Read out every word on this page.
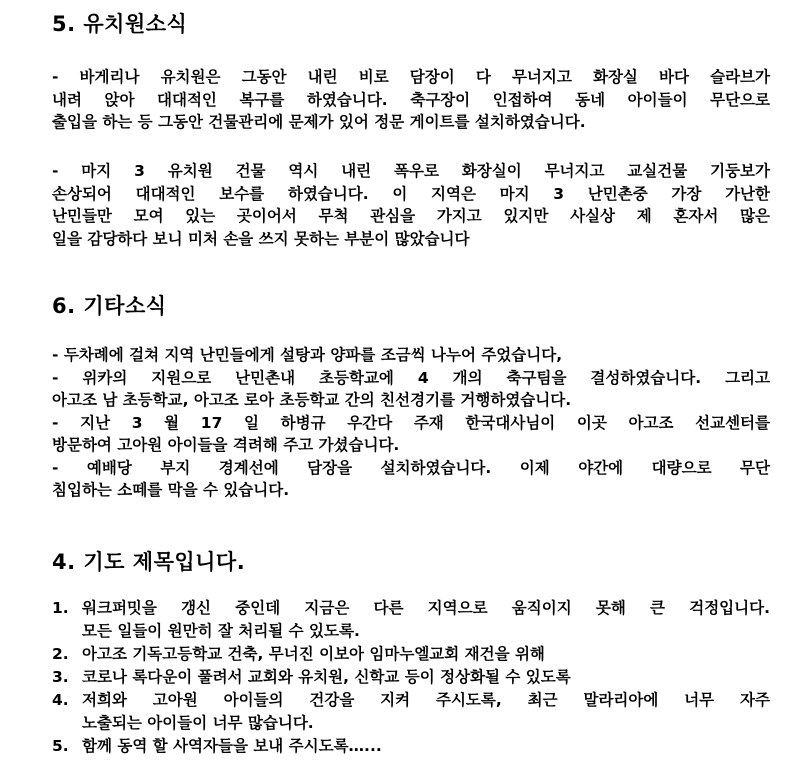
5. 유치원소식
- 바게리나 유치원은 그동안 내린 비로 담장이 다 무너지고 화장실 바다 슬라브가
내려 앉아 대대적인 복구를 하였습니다. 축구장이 인접하여 동네 아이들이 무단으로
출입을 하는 등 그동안 건물관리에 문제가 있어 정문 게이트를 설치하였습니다.
- 마지 3 유치원 건물 역시 내린 폭우로 화장실이 무너지고 교실건물 기둥보가
손상되어 대대적인 보수를 하였습니다. 이 지역은 마지 3 난민촌중 가장 가난한
난민들만 모여 있는 곳이어서 무척 관심을 가지고 있지만 사실상 제 혼자서 많은
일을 감당하다 보니 미처 손을 쓰지 못하는 부분이 많았습니다
6. 기타소식
- 두차례에 걸쳐 지역 난민들에게 설탕과 양파를 조금씩 나누어 주었습니다,
- 위카의 지원으로 난민촌내 초등학교에 4 개의 축구팀을 결성하였습니다. 그리고
아고조 남 초등학교, 아고조 로아 초등학교 간의 친선경기를 거행하였습니다.
- 지난 3 월 17 일 하병규 우간다 주재 한국대사님이 이곳 아고조 선교센터를
방문하여 고아원 아이들을 격려해 주고 가셨습니다.
- 예배당 부지 경계선에 담장을 설치하였습니다. 이제 야간에 대량으로 무단
침입하는 소떼를 막을 수 있습니다.
4. 기도 제목입니다.
1. 워크퍼밋을 갱신 중인데 지금은 다른 지역으로 움직이지 못해 큰 걱정입니다.
모든 일들이 원만히 잘 처리될 수 있도록.
2. 아고조 기독고등학교 건축, 무너진 이보아 임마누엘교회 재건을 위해
3. 코로나 록다운이 풀려서 교회와 유치원, 신학교 등이 정상화될 수 있도록
4. 저희와 고아원 아이들의 건강을 지켜 주시도록, 최근 말라리아에 너무 자주
노출되는 아이들이 너무 많습니다.
5. 함께 동역 할 사역자들을 보내 주시도록…...
